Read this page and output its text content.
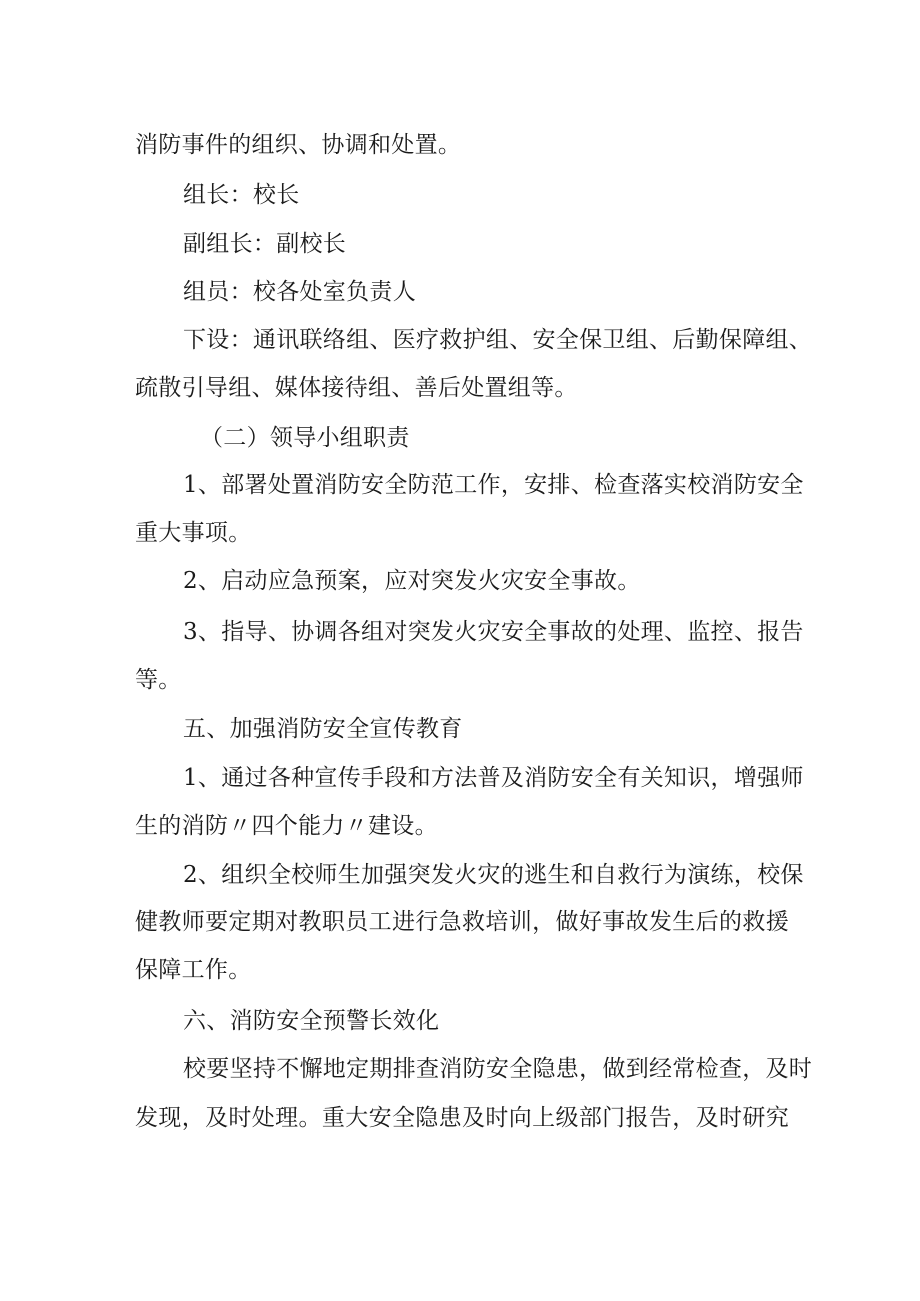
消防事件的组织、协调和处置。
组长：校长
副组长：副校长
组员：校各处室负责人
下设：通讯联络组、医疗救护组、安全保卫组、后勤保障组、
疏散引导组、媒体接待组、善后处置组等。
（二）领导小组职责
1、部署处置消防安全防范工作，安排、检查落实校消防安全
重大事项。
2、启动应急预案，应对突发火灾安全事故。
3、指导、协调各组对突发火灾安全事故的处理、监控、报告
等。
五、加强消防安全宣传教育
1、通过各种宣传手段和方法普及消防安全有关知识，增强师
生的消防〃四个能力〃建设。
2、组织全校师生加强突发火灾的逃生和自救行为演练，校保
健教师要定期对教职员工进行急救培训，做好事故发生后的救援
保障工作。
六、消防安全预警长效化
校要坚持不懈地定期排查消防安全隐患，做到经常检查，及时
发现，及时处理。重大安全隐患及时向上级部门报告，及时研究
